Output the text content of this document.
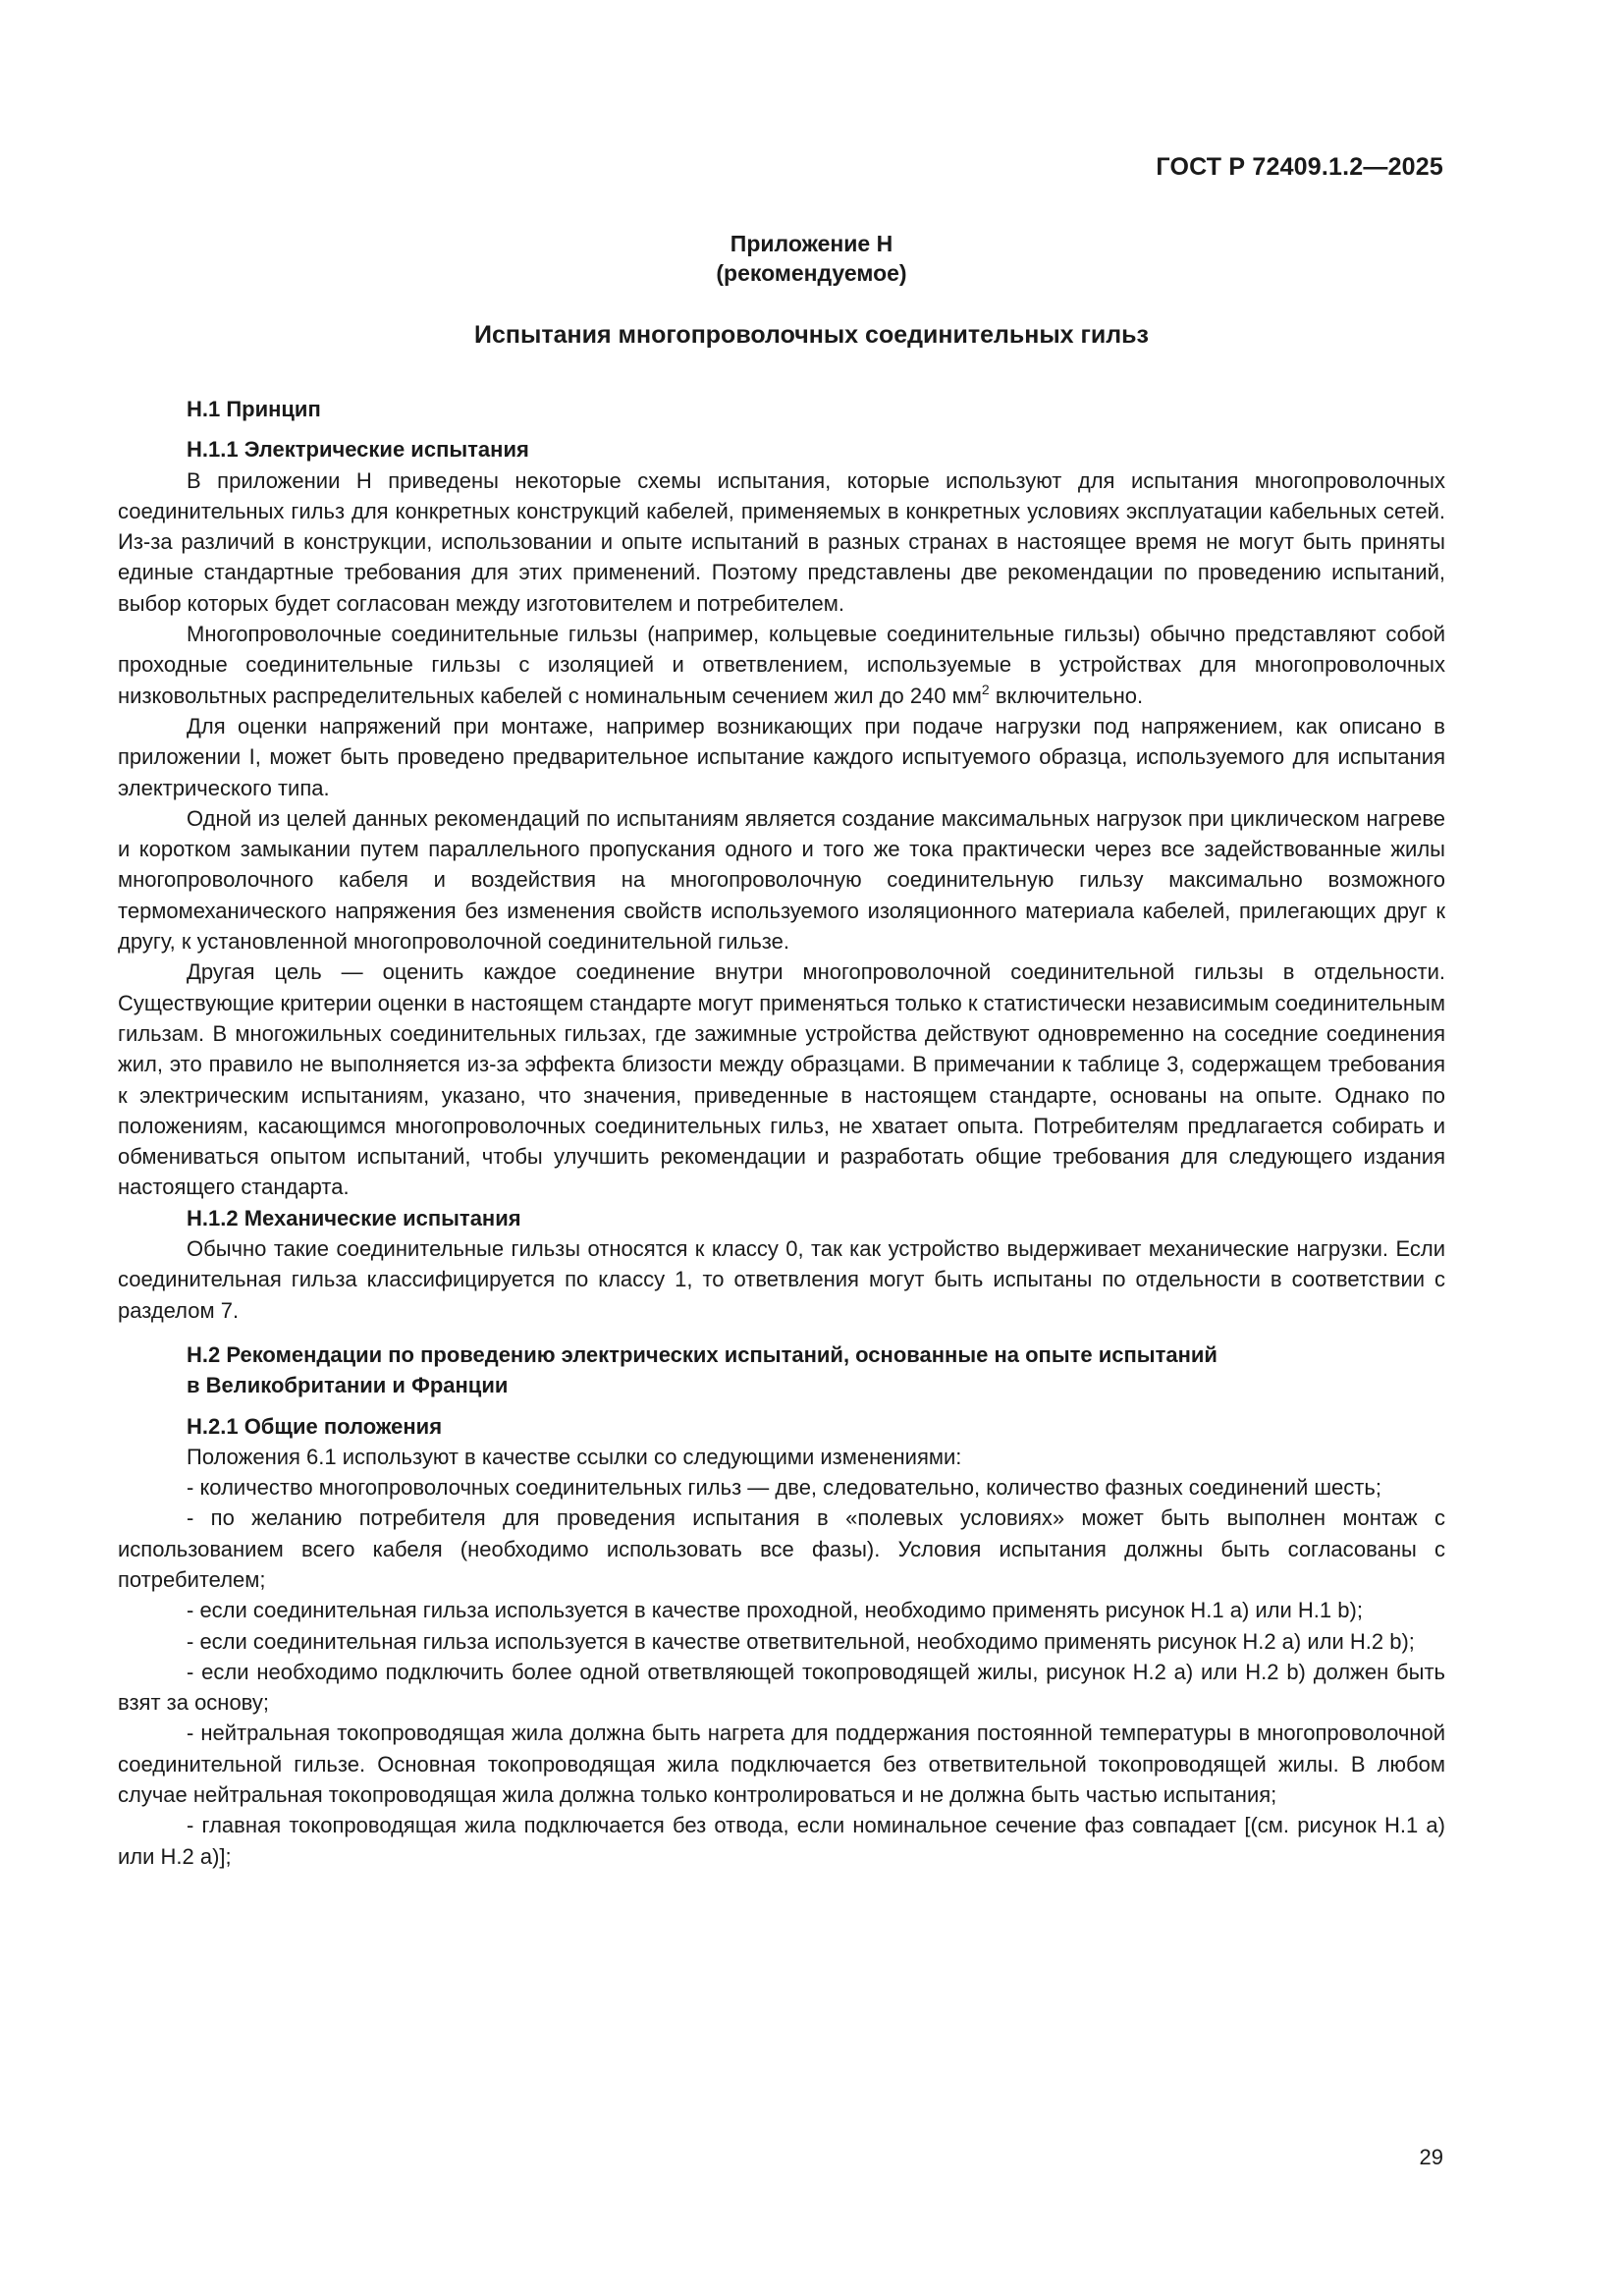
ГОСТ Р 72409.1.2—2025
Приложение Н
(рекомендуемое)
Испытания многопроволочных соединительных гильз
Н.1 Принцип
Н.1.1 Электрические испытания

В приложении Н приведены некоторые схемы испытания, которые используют для испытания многопроволочных соединительных гильз для конкретных конструкций кабелей, применяемых в конкретных условиях эксплуатации кабельных сетей. Из-за различий в конструкции, использовании и опыте испытаний в разных странах в настоящее время не могут быть приняты единые стандартные требования для этих применений. Поэтому представлены две рекомендации по проведению испытаний, выбор которых будет согласован между изготовителем и потребителем.

Многопроволочные соединительные гильзы (например, кольцевые соединительные гильзы) обычно представляют собой проходные соединительные гильзы с изоляцией и ответвлением, используемые в устройствах для многопроволочных низковольтных распределительных кабелей с номинальным сечением жил до 240 $мм^2$ включительно.

Для оценки напряжений при монтаже, например возникающих при подаче нагрузки под напряжением, как описано в приложении I, может быть проведено предварительное испытание каждого испытуемого образца, используемого для испытания электрического типа.

Одной из целей данных рекомендаций по испытаниям является создание максимальных нагрузок при циклическом нагреве и коротком замыкании путем параллельного пропускания одного и того же тока практически через все задействованные жилы многопроволочного кабеля и воздействия на многопроволочную соединительную гильзу максимально возможного термомеханического напряжения без изменения свойств используемого изоляционного материала кабелей, прилегающих друг к другу, к установленной многопроволочной соединительной гильзе.

Другая цель — оценить каждое соединение внутри многопроволочной соединительной гильзы в отдельности. Существующие критерии оценки в настоящем стандарте могут применяться только к статистически независимым соединительным гильзам. В многожильных соединительных гильзах, где зажимные устройства действуют одновременно на соседние соединения жил, это правило не выполняется из-за эффекта близости между образцами. В примечании к таблице 3, содержащем требования к электрическим испытаниям, указано, что значения, приведенные в настоящем стандарте, основаны на опыте. Однако по положениям, касающимся многопроволочных соединительных гильз, не хватает опыта. Потребителям предлагается собирать и обмениваться опытом испытаний, чтобы улучшить рекомендации и разработать общие требования для следующего издания настоящего стандарта.

Н.1.2 Механические испытания

Обычно такие соединительные гильзы относятся к классу 0, так как устройство выдерживает механические нагрузки. Если соединительная гильза классифицируется по классу 1, то ответвления могут быть испытаны по отдельности в соответствии с разделом 7.

Н.2 Рекомендации по проведению электрических испытаний, основанные на опыте испытаний
в Великобритании и Франции
Н.2.1 Общие положения

Положения 6.1 используют в качестве ссылки со следующими изменениями:

- количество многопроволочных соединительных гильз — две, следовательно, количество фазных соединений шесть;

- по желанию потребителя для проведения испытания в «полевых условиях» может быть выполнен монтаж с использованием всего кабеля (необходимо использовать все фазы). Условия испытания должны быть согласованы с потребителем;

- если соединительная гильза используется в качестве проходной, необходимо применять рисунок Н.1 a) или Н.1 b);

- если соединительная гильза используется в качестве ответвительной, необходимо применять рисунок Н.2 a) или Н.2 b);

- если необходимо подключить более одной ответвляющей токопроводящей жилы, рисунок Н.2 a) или Н.2 b) должен быть взят за основу;

- нейтральная токопроводящая жила должна быть нагрета для поддержания постоянной температуры в многопроволочной соединительной гильзе. Основная токопроводящая жила подключается без ответвительной токопроводящей жилы. В любом случае нейтральная токопроводящая жила должна только контролироваться и не должна быть частью испытания;

- главная токопроводящая жила подключается без отвода, если номинальное сечение фаз совпадает [(см. рисунок Н.1 a) или Н.2 a)];

29
